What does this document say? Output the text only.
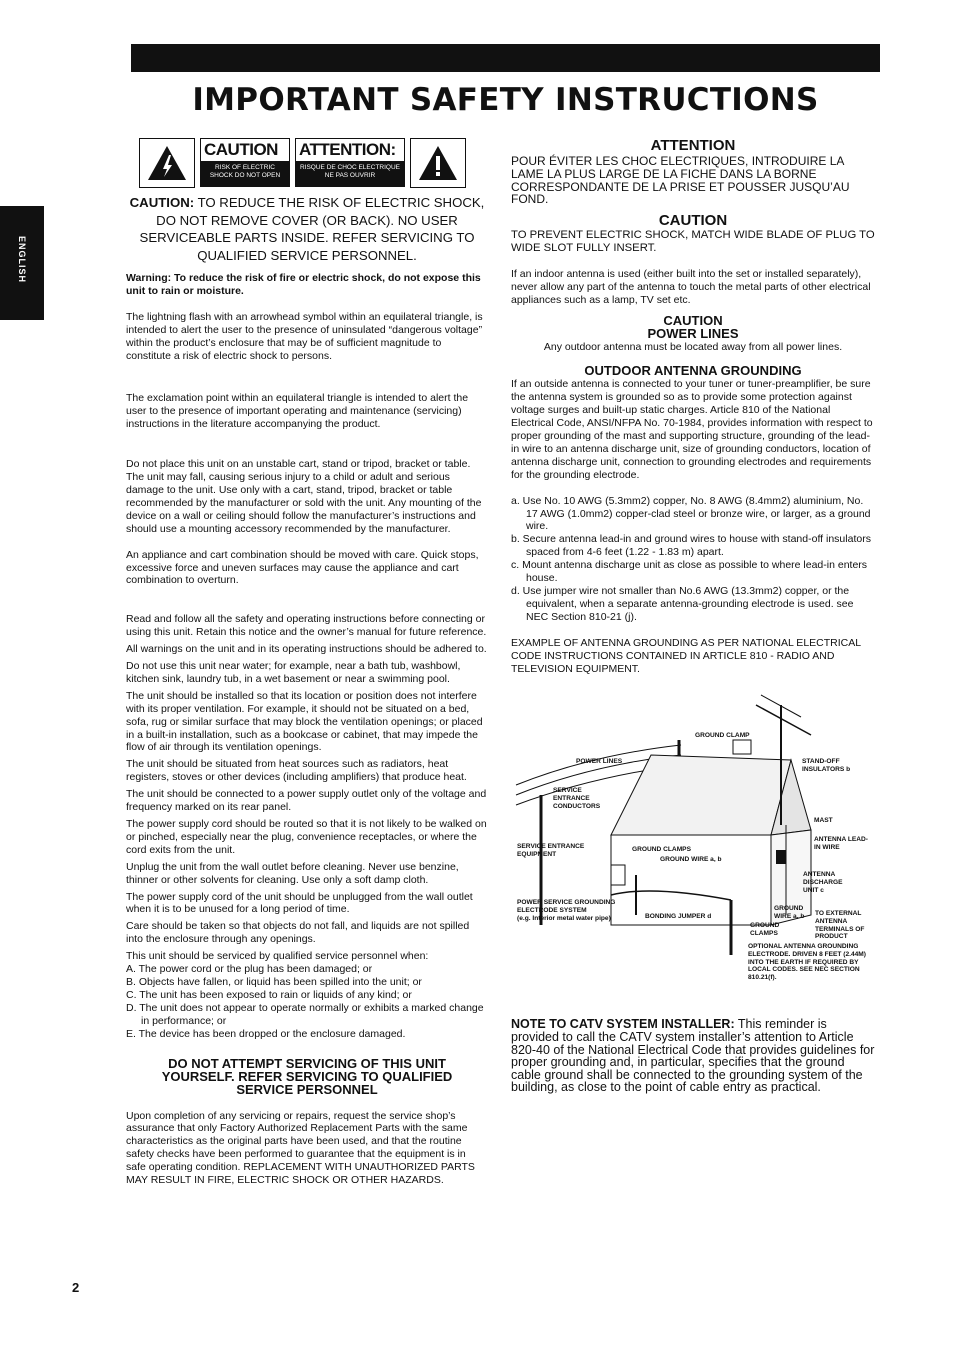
IMPORTANT SAFETY INSTRUCTIONS
ENGLISH
CAUTION
RISK OF ELECTRIC SHOCK DO NOT OPEN
ATTENTION:
RISQUE DE CHOC ELECTRIQUE NE PAS OUVRIR
CAUTION: TO REDUCE THE RISK OF ELECTRIC SHOCK, DO NOT REMOVE COVER (OR BACK). NO USER SERVICEABLE PARTS INSIDE. REFER SERVICING TO QUALIFIED SERVICE PERSONNEL.

Warning: To reduce the risk of fire or electric shock, do not expose this unit to rain or moisture.

The lightning flash with an arrowhead symbol within an equilateral triangle, is intended to alert the user to the presence of uninsulated “dangerous voltage” within the product’s enclosure that may be of sufficient magnitude to constitute a risk of electric shock to persons.

The exclamation point within an equilateral triangle is intended to alert the user to the presence of important operating and maintenance (servicing) instructions in the literature accompanying the product.

Do not place this unit on an unstable cart, stand or tripod, bracket or table. The unit may fall, causing serious injury to a child or adult and serious damage to the unit. Use only with a cart, stand, tripod, bracket or table recommended by the manufacturer or sold with the unit. Any mounting of the device on a wall or ceiling should follow the manufacturer’s instructions and should use a mounting accessory recommended by the manufacturer.

An appliance and cart combination should be moved with care. Quick stops, excessive force and uneven surfaces may cause the appliance and cart combination to overturn.

Read and follow all the safety and operating instructions before connecting or using this unit. Retain this notice and the owner’s manual for future reference.

All warnings on the unit and in its operating instructions should be adhered to.

Do not use this unit near water; for example, near a bath tub, washbowl, kitchen sink, laundry tub, in a wet basement or near a swimming pool.

The unit should be installed so that its location or position does not interfere with its proper ventilation. For example, it should not be situated on a bed, sofa, rug or similar surface that may block the ventilation openings; or placed in a built-in installation, such as a bookcase or cabinet, that may impede the flow of air through its ventilation openings.

The unit should be situated from heat sources such as radiators, heat registers, stoves or other devices (including amplifiers) that produce heat.

The unit should be connected to a power supply outlet only of the voltage and frequency marked on its rear panel.

The power supply cord should be routed so that it is not likely to be walked on or pinched, especially near the plug, convenience receptacles, or where the cord exits from the unit.

Unplug the unit from the wall outlet before cleaning. Never use benzine, thinner or other solvents for cleaning. Use only a soft damp cloth.

The power supply cord of the unit should be unplugged from the wall outlet when it is to be unused for a long period of time.

Care should be taken so that objects do not fall, and liquids are not spilled into the enclosure through any openings.

This unit should be serviced by qualified service personnel when:

A. The power cord or the plug has been damaged; or
B. Objects have fallen, or liquid has been spilled into the unit; or
C. The unit has been exposed to rain or liquids of any kind; or
D. The unit does not appear to operate normally or exhibits a marked change in performance; or
E. The device has been dropped or the enclosure damaged.
DO NOT ATTEMPT SERVICING OF THIS UNIT YOURSELF. REFER SERVICING TO QUALIFIED SERVICE PERSONNEL

Upon completion of any servicing or repairs, request the service shop’s assurance that only Factory Authorized Replacement Parts with the same characteristics as the original parts have been used, and that the routine safety checks have been performed to guarantee that the equipment is in safe operating condition. REPLACEMENT WITH UNAUTHORIZED PARTS MAY RESULT IN FIRE, ELECTRIC SHOCK OR OTHER HAZARDS.

ATTENTION

POUR ÉVITER LES CHOC ELECTRIQUES, INTRODUIRE LA LAME LA PLUS LARGE DE LA FICHE DANS LA BORNE CORRESPONDANTE DE LA PRISE ET POUSSER JUSQU’AU FOND.

CAUTION

TO PREVENT ELECTRIC SHOCK, MATCH WIDE BLADE OF PLUG TO WIDE SLOT FULLY INSERT.

If an indoor antenna is used (either built into the set or installed separately), never allow any part of the antenna to touch the metal parts of other electrical appliances such as a lamp, TV set etc.

CAUTION
POWER LINES

Any outdoor antenna must be located away from all power lines.

OUTDOOR ANTENNA GROUNDING

If an outside antenna is connected to your tuner or tuner-preamplifier, be sure the antenna system is grounded so as to provide some protection against voltage surges and built-up static charges. Article 810 of the National Electrical Code, ANSI/NFPA No. 70-1984, provides information with respect to proper grounding of the mast and supporting structure, grounding of the lead-in wire to an antenna discharge unit, size of grounding conductors, location of antenna discharge unit, connection to grounding electrodes and requirements for the grounding electrode.

a. Use No. 10 AWG (5.3mm2) copper, No. 8 AWG (8.4mm2) aluminium, No. 17 AWG (1.0mm2) copper-clad steel or bronze wire, or larger, as a ground wire.
b. Secure antenna lead-in and ground wires to house with stand-off insulators spaced from 4-6 feet (1.22 - 1.83 m) apart.
c. Mount antenna discharge unit as close as possible to where lead-in enters house.
d. Use jumper wire not smaller than No.6 AWG (13.3mm2) copper, or the equivalent, when a separate antenna-grounding electrode is used. see NEC Section 810-21 (j).

EXAMPLE OF ANTENNA GROUNDING AS PER NATIONAL ELECTRICAL CODE INSTRUCTIONS CONTAINED IN ARTICLE 810 - RADIO AND TELEVISION EQUIPMENT.

GROUND CLAMP
POWER LINES	STAND-OFF INSULATORS b
SERVICE ENTRANCE CONDUCTORS
MAST
ANTENNA LEAD-IN WIRE
SERVICE ENTRANCE EQUIPMENT
GROUND CLAMPS
GROUND WIRE a, b
ANTENNA DISCHARGE UNIT c
POWER SERVICE GROUNDING ELECTRODE SYSTEM
(e.g. Interior metal water pipe)	BONDING JUMPER d
GROUND WIRE a, b
GROUND CLAMPS
TO EXTERNAL ANTENNA TERMINALS OF PRODUCT
OPTIONAL ANTENNA GROUNDING ELECTRODE. DRIVEN 8 FEET (2.44M) INTO THE EARTH IF REQUIRED BY LOCAL CODES. SEE NEC SECTION 810.21(f).

NOTE TO CATV SYSTEM INSTALLER: This reminder is provided to call the CATV system installer’s attention to Article 820-40 of the National Electrical Code that provides guidelines for proper grounding and, in particular, specifies that the ground cable ground shall be connected to the grounding system of the building, as close to the point of cable entry as practical.

2
